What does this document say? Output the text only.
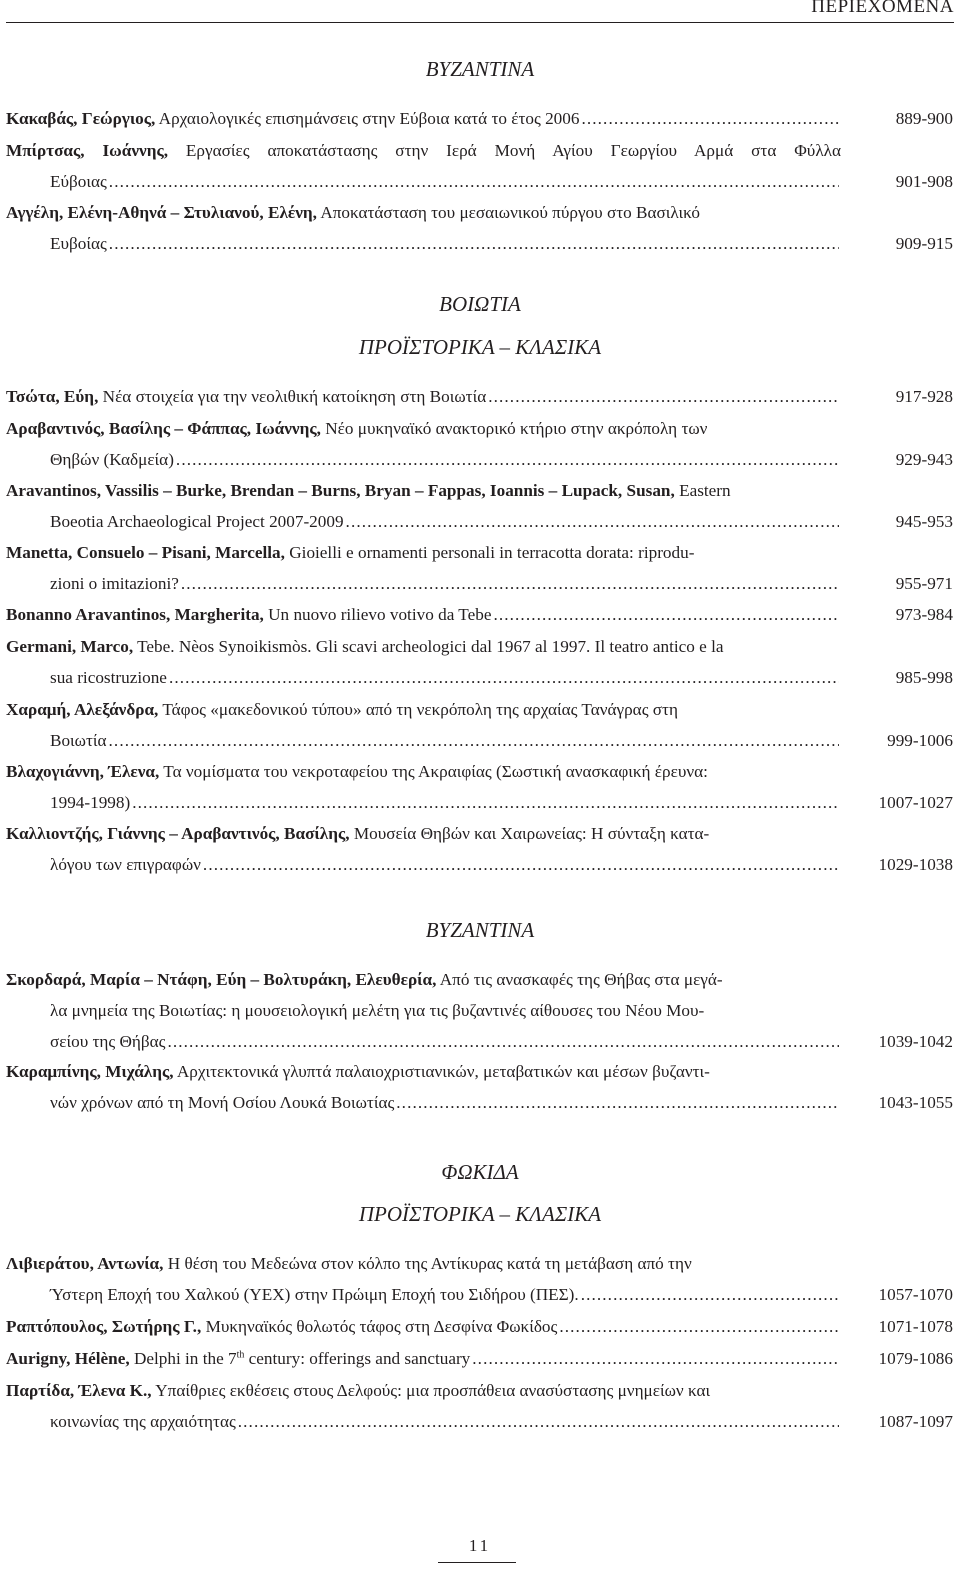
ΠΕΡΙΕΧΟΜΕΝΑ
ΒΥΖΑΝΤΙΝΑ
Κακαβάς, Γεώργιος, Αρχαιολογικές επισημάνσεις στην Εύβοια κατά το έτος 2006 . . .	889-900
Μπίρτσας, Ιωάννης, Εργασίες αποκατάστασης στην Ιερά Μονή Αγίου Γεωργίου Αρμά στα Φύλλα
Εύβοιας . . .	901-908
Αγγέλη, Ελένη-Αθηνά – Στυλιανού, Ελένη, Αποκατάσταση του μεσαιωνικού πύργου στο Βασιλικό
Ευβοίας . . .	909-915
ΒΟΙΩΤΙΑ
ΠΡΟΪΣΤΟΡΙΚΑ – ΚΛΑΣΙΚΑ
Τσώτα, Εύη, Νέα στοιχεία για την νεολιθική κατοίκηση στη Βοιωτία . . .	917-928
Αραβαντινός, Βασίλης – Φάππας, Ιωάννης, Νέο μυκηναϊκό ανακτορικό κτήριο στην ακρόπολη των
Θηβών (Καδμεία) . . .	929-943
Aravantinos, Vassilis – Burke, Brendan – Burns, Bryan – Fappas, Ioannis – Lupack, Susan, Eastern
Boeotia Archaeological Project 2007-2009 . . .	945-953
Manetta, Consuelo – Pisani, Marcella, Gioielli e ornamenti personali in terracotta dorata: riprodu-
zioni o imitazioni? . . .	955-971
Bonanno Aravantinos, Margherita, Un nuovo rilievo votivo da Tebe . . .	973-984
Germani, Marco, Tebe. Nèos Synoikismòs. Gli scavi archeologici dal 1967 al 1997. Il teatro antico e la
sua ricostruzione . . .	985-998
Χαραμή, Αλεξάνδρα, Τάφος «μακεδονικού τύπου» από τη νεκρόπολη της αρχαίας Τανάγρας στη
Βοιωτία . . .	999-1006
Βλαχογιάννη, Έλενα, Τα νομίσματα του νεκροταφείου της Ακραιφίας (Σωστική ανασκαφική έρευνα:
1994-1998) . . .	1007-1027
Καλλιοντζής, Γιάννης – Αραβαντινός, Βασίλης, Μουσεία Θηβών και Χαιρωνείας: Η σύνταξη κατα-
λόγου των επιγραφών . . .	1029-1038
ΒΥΖΑΝΤΙΝΑ
Σκορδαρά, Μαρία – Ντάφη, Εύη – Βολτυράκη, Ελευθερία, Από τις ανασκαφές της Θήβας στα μεγά-
λα μνημεία της Βοιωτίας: η μουσειολογική μελέτη για τις βυζαντινές αίθουσες του Νέου Μου-
σείου της Θήβας . . .	1039-1042
Καραμπίνης, Μιχάλης, Αρχιτεκτονικά γλυπτά παλαιοχριστιανικών, μεταβατικών και μέσων βυζαντι-
νών χρόνων από τη Μονή Οσίου Λουκά Βοιωτίας . . .	1043-1055
ΦΩΚΙΔΑ
ΠΡΟΪΣΤΟΡΙΚΑ – ΚΛΑΣΙΚΑ
Λιβιεράτου, Αντωνία, Η θέση του Μεδεώνα στον κόλπο της Αντίκυρας κατά τη μετάβαση από την
Ύστερη Εποχή του Χαλκού (ΥΕΧ) στην Πρώιμη Εποχή του Σιδήρου (ΠΕΣ). . . .	1057-1070
Ραπτόπουλος, Σωτήρης Γ., Μυκηναϊκός θολωτός τάφος στη Δεσφίνα Φωκίδος . . .	1071-1078
Aurigny, Hélène, Delphi in the 7th century: offerings and sanctuary . . .	1079-1086
Παρτίδα, Έλενα Κ., Υπαίθριες εκθέσεις στους Δελφούς: μια προσπάθεια ανασύστασης μνημείων και
κοινωνίας της αρχαιότητας . . .	1087-1097
11
